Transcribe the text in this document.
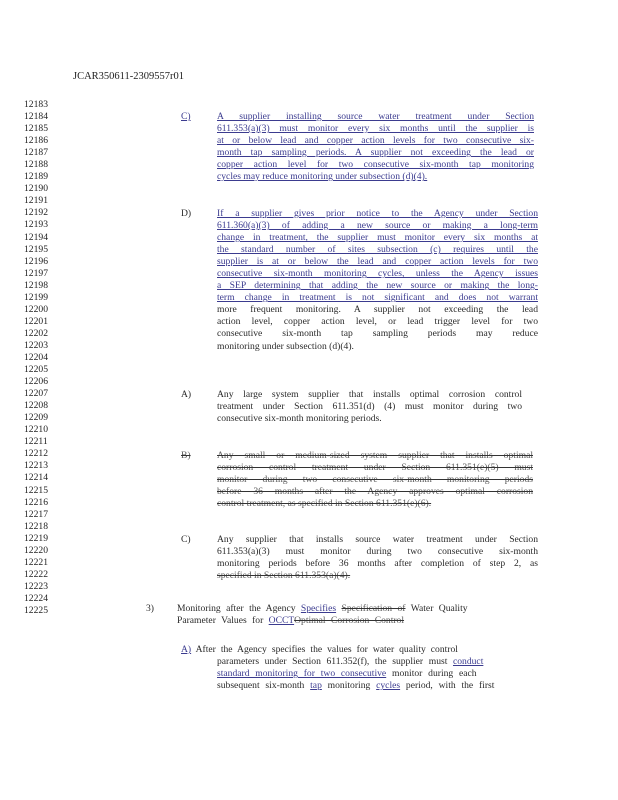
JCAR350611-2309557r01
12183
12184
12185
12186
12187
12188
12189
12190
12191
12192
12193
12194
12195
12196
12197
12198
12199
12200
12201
12202
12203
12204
12205
12206
12207
12208
12209
12210
12211
12212
12213
12214
12215
12216
12217
12218
12219
12220
12221
12222
12223
12224
12225
C)	A supplier installing source water treatment under Section
611.353(a)(3) must monitor every six months until the supplier is
at or below lead and copper action levels for two consecutive six-
month tap sampling periods. A supplier not exceeding the lead or
copper action level for two consecutive six-month tap monitoring
cycles may reduce monitoring under subsection (d)(4).
D)	If a supplier gives prior notice to the Agency under Section
611.360(a)(3) of adding a new source or making a long-term
change in treatment, the supplier must monitor every six months at
the standard number of sites subsection (c) requires until the
supplier is at or below the lead and copper action levels for two
consecutive six-month monitoring cycles, unless the Agency issues
a SEP determining that adding the new source or making the long-
term change in treatment is not significant and does not warrant
more frequent monitoring. A supplier not exceeding the lead
action level, copper action level, or lead trigger level for two
consecutive six-month tap sampling periods may reduce
monitoring under subsection (d)(4).
A)	Any large system supplier that installs optimal corrosion control
treatment under Section 611.351(d) (4) must monitor during two
consecutive six-month monitoring periods.
B)	Any small or medium-sized system supplier that installs optimal
corrosion control treatment under Section 611.351(e)(5) must
monitor during two consecutive six-month monitoring periods
before 36 months after the Agency approves optimal corrosion
control treatment, as specified in Section 611.351(e)(6).
C)	Any supplier that installs source water treatment under Section
611.353(a)(3) must monitor during two consecutive six-month
monitoring periods before 36 months after completion of step 2, as
specified in Section 611.353(a)(4).
3) Monitoring after the Agency Specifies Specification of Water Quality
Parameter Values for OCCTOptimal Corrosion Control
A) After the Agency specifies the values for water quality control
parameters under Section 611.352(f), the supplier must conduct
standard monitoring for two consecutive monitor during each
subsequent six-month tap monitoring cycles period, with the first
